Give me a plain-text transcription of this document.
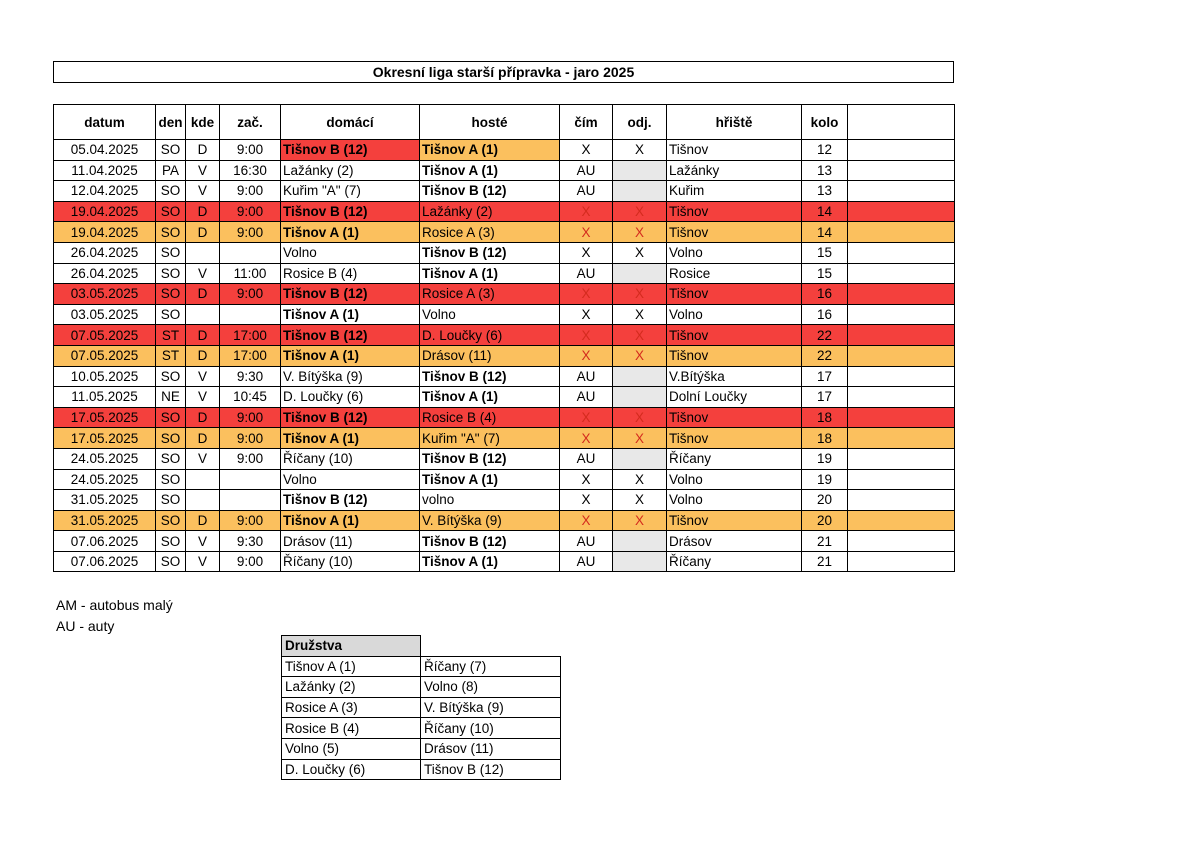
Okresní liga starší přípravka - jaro 2025
datum	den	kde	zač.	domácí	hosté	čím	odj.	hřiště	kolo	
05.04.2025	SO	D	9:00	Tišnov B (12)	Tišnov A (1)	X	X	Tišnov	12	
11.04.2025	PA	V	16:30	Lažánky (2)	Tišnov A (1)	AU		Lažánky	13	
12.04.2025	SO	V	9:00	Kuřim "A" (7)	Tišnov B (12)	AU		Kuřim	13	
19.04.2025	SO	D	9:00	Tišnov B (12)	Lažánky (2)	X	X	Tišnov	14	
19.04.2025	SO	D	9:00	Tišnov A (1)	Rosice A (3)	X	X	Tišnov	14	
26.04.2025	SO			Volno	Tišnov B (12)	X	X	Volno	15	
26.04.2025	SO	V	11:00	Rosice B (4)	Tišnov A (1)	AU		Rosice	15	
03.05.2025	SO	D	9:00	Tišnov B (12)	Rosice A (3)	X	X	Tišnov	16	
03.05.2025	SO			Tišnov A (1)	Volno	X	X	Volno	16	
07.05.2025	ST	D	17:00	Tišnov B (12)	D. Loučky (6)	X	X	Tišnov	22	
07.05.2025	ST	D	17:00	Tišnov A (1)	Drásov (11)	X	X	Tišnov	22	
10.05.2025	SO	V	9:30	V. Bítýška (9)	Tišnov B (12)	AU		V.Bítýška	17	
11.05.2025	NE	V	10:45	D. Loučky (6)	Tišnov A (1)	AU		Dolní Loučky	17	
17.05.2025	SO	D	9:00	Tišnov B (12)	Rosice B (4)	X	X	Tišnov	18	
17.05.2025	SO	D	9:00	Tišnov A (1)	Kuřim "A" (7)	X	X	Tišnov	18	
24.05.2025	SO	V	9:00	Říčany (10)	Tišnov B (12)	AU		Říčany	19	
24.05.2025	SO			Volno	Tišnov A (1)	X	X	Volno	19	
31.05.2025	SO			Tišnov B (12)	volno	X	X	Volno	20	
31.05.2025	SO	D	9:00	Tišnov A (1)	V. Bítýška (9)	X	X	Tišnov	20	
07.06.2025	SO	V	9:30	Drásov (11)	Tišnov B (12)	AU		Drásov	21	
07.06.2025	SO	V	9:00	Říčany (10)	Tišnov A (1)	AU		Říčany	21	
AM - autobus malý
AU - auty
Družstva	
Tišnov A (1)	Říčany (7)
Lažánky (2)	Volno (8)
Rosice A (3)	V. Bítýška (9)
Rosice B (4)	Říčany (10)
Volno (5)	Drásov (11)
D. Loučky (6)	Tišnov B (12)
